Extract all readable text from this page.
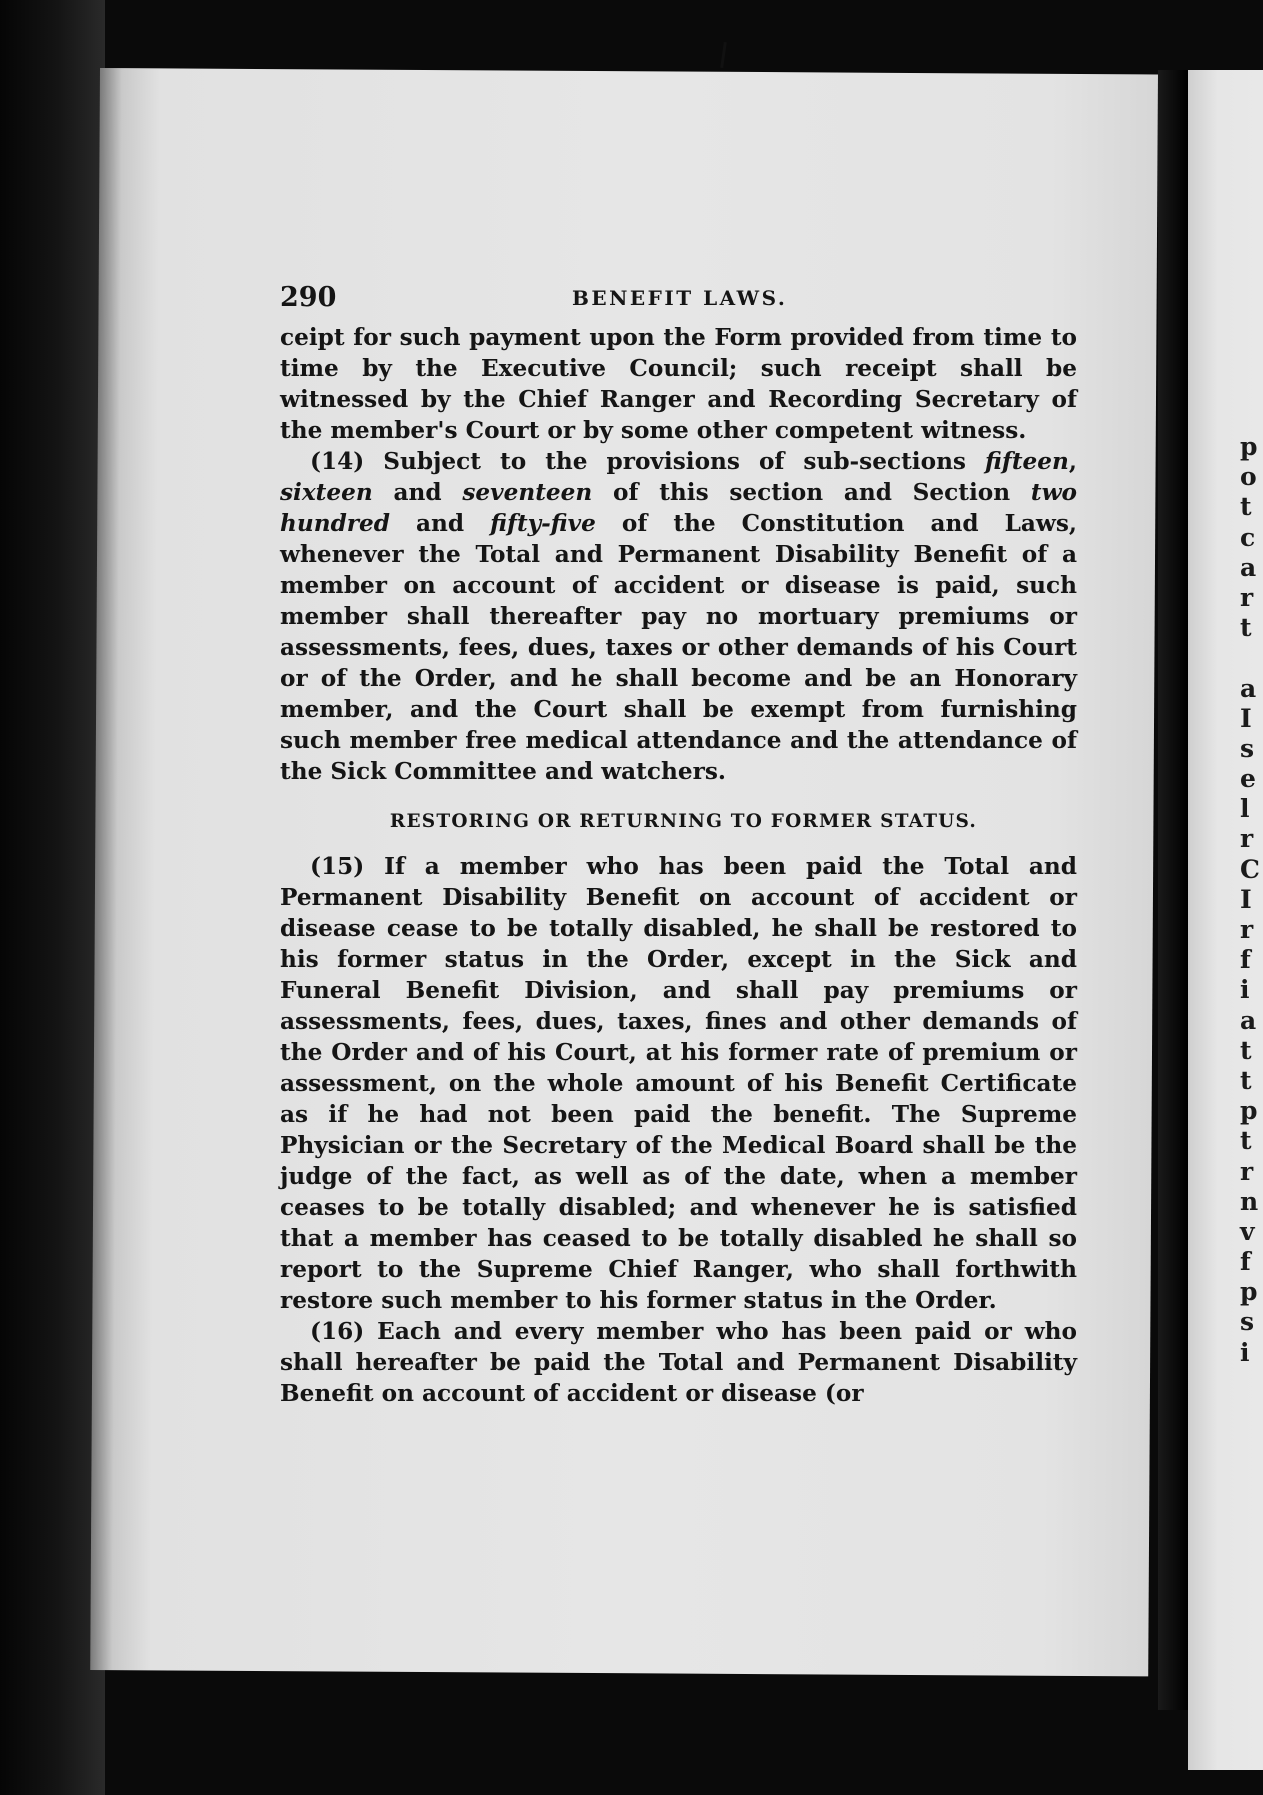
p
o
t
c
a
r
t
a
I
s
e
l
r
C
I
r
f
i
a
t
t
p
t
r
n
v
f
p
s
i
290	BENEFIT LAWS.

ceipt for such payment upon the Form provided from time to time by the Executive Council; such receipt shall be witnessed by the Chief Ranger and Recording Secretary of the member's Court or by some other competent witness.

(14) Subject to the provisions of sub-sections fifteen, sixteen and seventeen of this section and Section two hundred and fifty-five of the Constitution and Laws, whenever the Total and Permanent Disability Benefit of a member on account of accident or disease is paid, such member shall thereafter pay no mortuary premiums or assessments, fees, dues, taxes or other demands of his Court or of the Order, and he shall become and be an Honorary member, and the Court shall be exempt from furnishing such member free medical attendance and the attendance of the Sick Committee and watchers.

RESTORING OR RETURNING TO FORMER STATUS.

(15) If a member who has been paid the Total and Permanent Disability Benefit on account of accident or disease cease to be totally disabled, he shall be restored to his former status in the Order, except in the Sick and Funeral Benefit Division, and shall pay premiums or assessments, fees, dues, taxes, fines and other demands of the Order and of his Court, at his former rate of premium or assessment, on the whole amount of his Benefit Certificate as if he had not been paid the benefit. The Supreme Physician or the Secretary of the Medical Board shall be the judge of the fact, as well as of the date, when a member ceases to be totally disabled; and whenever he is satisfied that a member has ceased to be totally disabled he shall so report to the Supreme Chief Ranger, who shall forthwith restore such member to his former status in the Order.

(16) Each and every member who has been paid or who shall hereafter be paid the Total and Permanent Disability Benefit on account of accident or disease (or
